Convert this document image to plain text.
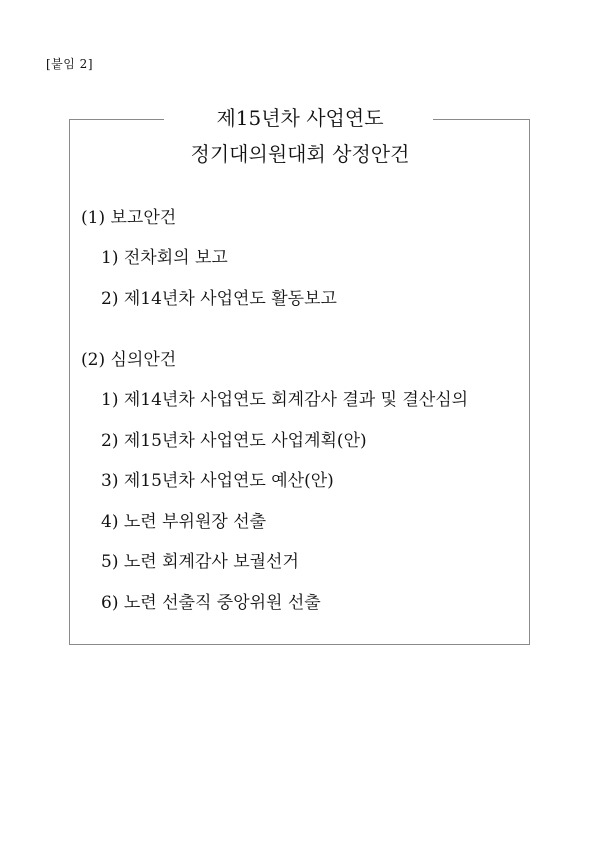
[붙임 2]
제15년차 사업연도
정기대의원대회 상정안건
(1) 보고안건
1) 전차회의 보고
2) 제14년차 사업연도 활동보고
(2) 심의안건
1) 제14년차 사업연도 회계감사 결과 및 결산심의
2) 제15년차 사업연도 사업계획(안)
3) 제15년차 사업연도 예산(안)
4) 노련 부위원장 선출
5) 노련 회계감사 보궐선거
6) 노련 선출직 중앙위원 선출
